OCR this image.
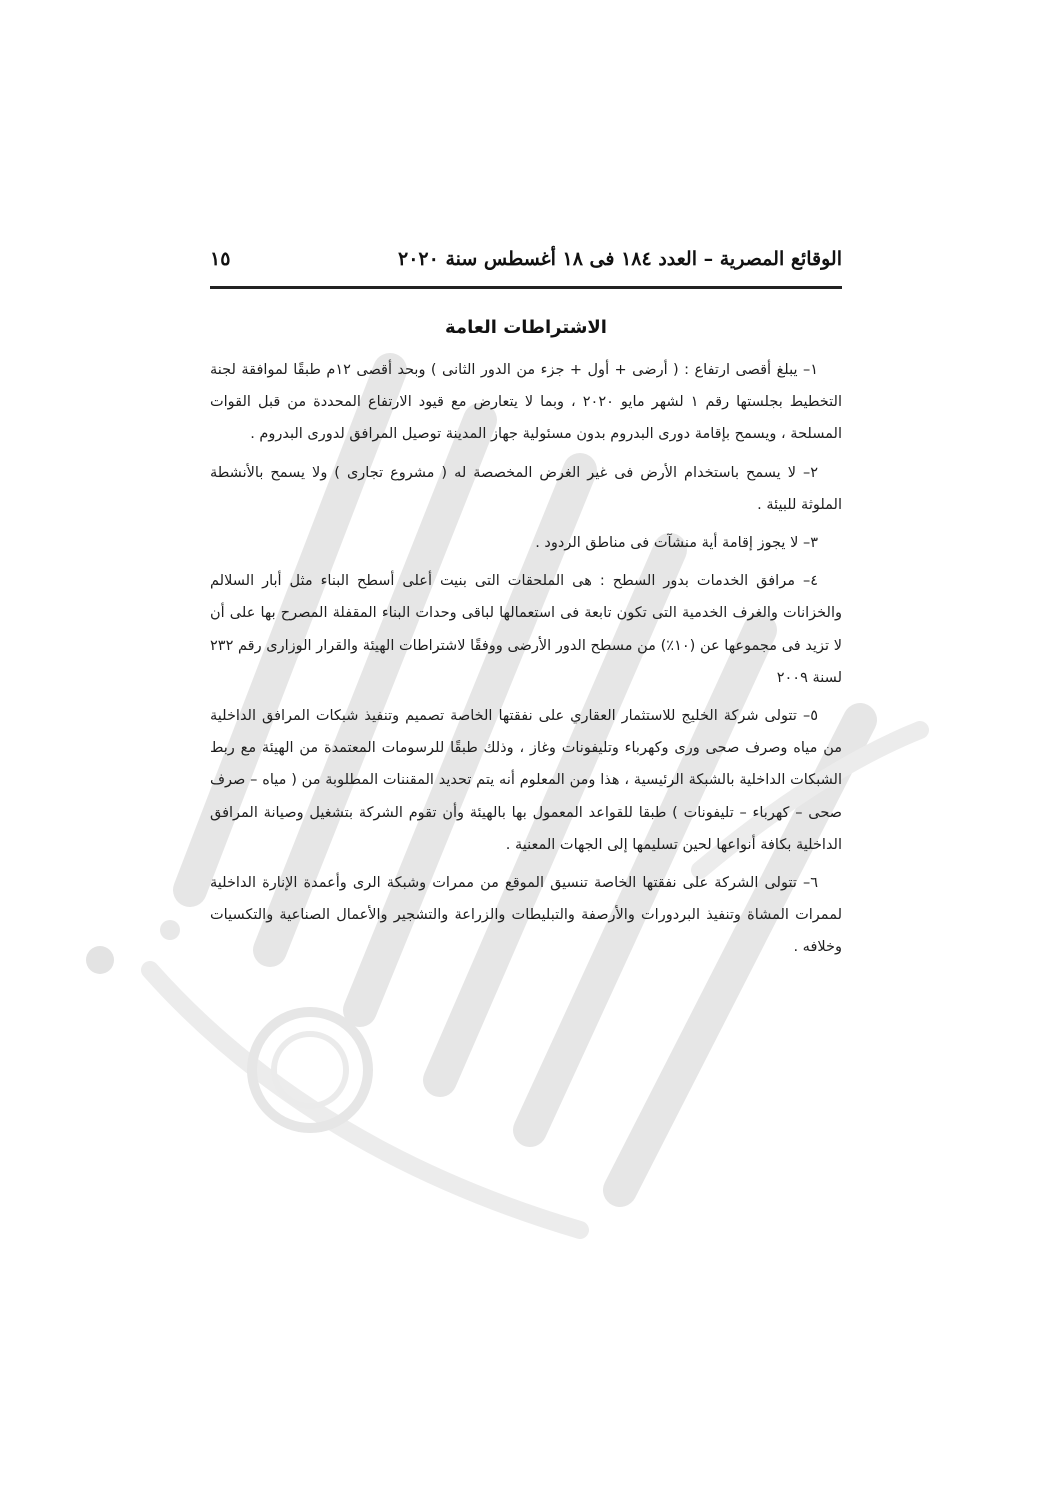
الوقائع المصرية – العدد ١٨٤ فى ١٨ أغسطس سنة ٢٠٢٠
١٥
الاشتراطات العامة

١– يبلغ أقصى ارتفاع : ( أرضى + أول + جزء من الدور الثانى ) وبحد أقصى ١٢م طبقًا لموافقة لجنة التخطيط بجلستها رقم ١ لشهر مايو ٢٠٢٠ ، وبما لا يتعارض مع قيود الارتفاع المحددة من قبل القوات المسلحة ، ويسمح بإقامة دورى البدروم بدون مسئولية جهاز المدينة توصيل المرافق لدورى البدروم .

٢– لا يسمح باستخدام الأرض فى غير الغرض المخصصة له ( مشروع تجارى ) ولا يسمح بالأنشطة الملوثة للبيئة .

٣– لا يجوز إقامة أية منشآت فى مناطق الردود .

٤– مرافق الخدمات بدور السطح : هى الملحقات التى بنيت أعلى أسطح البناء مثل أبار السلالم والخزانات والغرف الخدمية التى تكون تابعة فى استعمالها لباقى وحدات البناء المقفلة المصرح بها على أن لا تزيد فى مجموعها عن (١٠٪) من مسطح الدور الأرضى ووفقًا لاشتراطات الهيئة والقرار الوزارى رقم ٢٣٢ لسنة ٢٠٠٩

٥– تتولى شركة الخليج للاستثمار العقاري على نفقتها الخاصة تصميم وتنفيذ شبكات المرافق الداخلية من مياه وصرف صحى ورى وكهرباء وتليفونات وغاز ، وذلك طبقًا للرسومات المعتمدة من الهيئة مع ربط الشبكات الداخلية بالشبكة الرئيسية ، هذا ومن المعلوم أنه يتم تحديد المقننات المطلوبة من ( مياه – صرف صحى – كهرباء – تليفونات ) طبقا للقواعد المعمول بها بالهيئة وأن تقوم الشركة بتشغيل وصيانة المرافق الداخلية بكافة أنواعها لحين تسليمها إلى الجهات المعنية .

٦– تتولى الشركة على نفقتها الخاصة تنسيق الموقع من ممرات وشبكة الرى وأعمدة الإنارة الداخلية لممرات المشاة وتنفيذ البردورات والأرصفة والتبليطات والزراعة والتشجير والأعمال الصناعية والتكسيات وخلافه .
